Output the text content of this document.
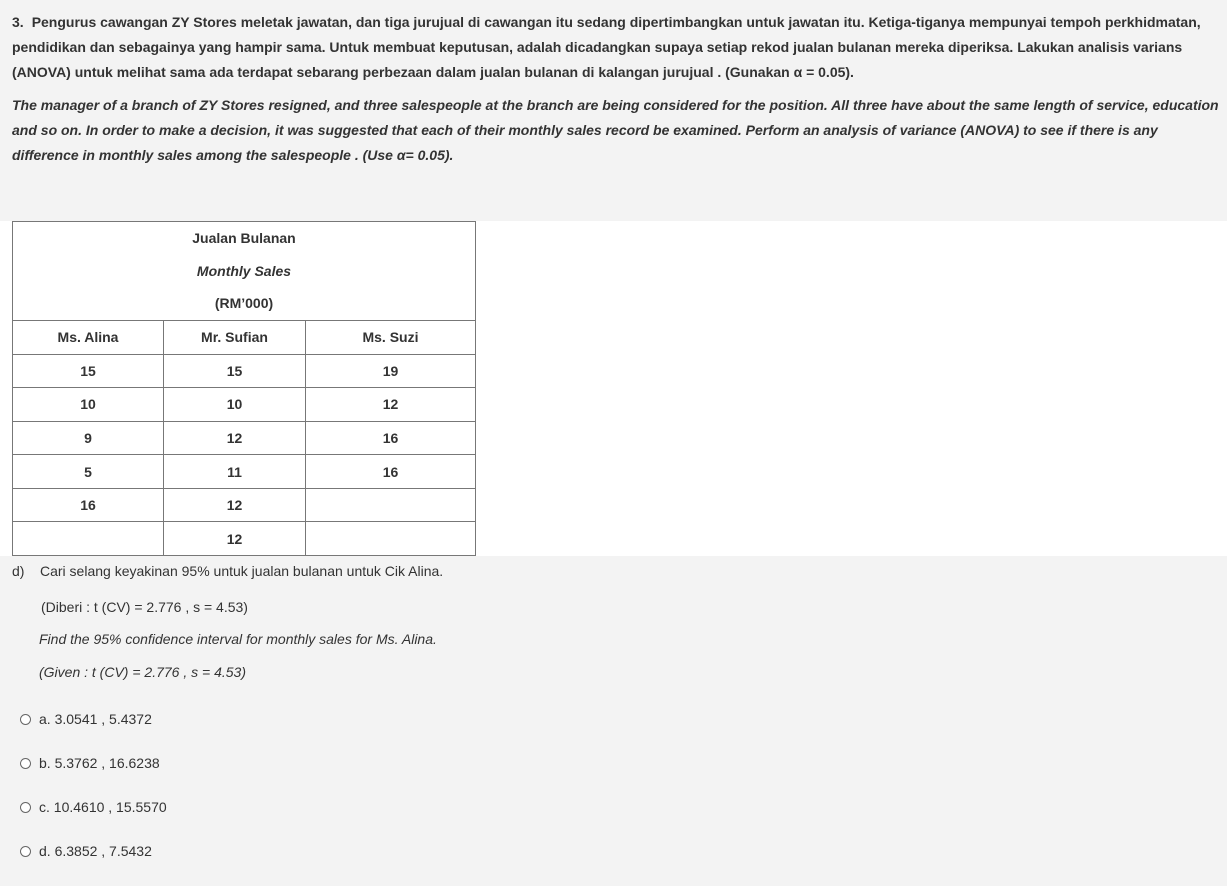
3. Pengurus cawangan ZY Stores meletak jawatan, dan tiga jurujual di cawangan itu sedang dipertimbangkan untuk jawatan itu. Ketiga-tiganya mempunyai tempoh perkhidmatan, pendidikan dan sebagainya yang hampir sama. Untuk membuat keputusan, adalah dicadangkan supaya setiap rekod jualan bulanan mereka diperiksa. Lakukan analisis varians (ANOVA) untuk melihat sama ada terdapat sebarang perbezaan dalam jualan bulanan di kalangan jurujual . (Gunakan α = 0.05).
The manager of a branch of ZY Stores resigned, and three salespeople at the branch are being considered for the position. All three have about the same length of service, education and so on. In order to make a decision, it was suggested that each of their monthly sales record be examined. Perform an analysis of variance (ANOVA) to see if there is any difference in monthly sales among the salespeople . (Use α= 0.05).
Jualan Bulanan
Monthly Sales
(RM’000)		

Ms. Alina	Mr. Sufian	Ms. Suzi
15	15	19
10	10	12
9	12	16
5	11	16
16	12	
	12	
d) Cari selang keyakinan 95% untuk jualan bulanan untuk Cik Alina.
(Diberi : t (CV) = 2.776 , s = 4.53)
Find the 95% confidence interval for monthly sales for Ms. Alina.
(Given : t (CV) = 2.776 , s = 4.53)
a. 3.0541 , 5.4372
b. 5.3762 , 16.6238
c. 10.4610 , 15.5570
d. 6.3852 , 7.5432
